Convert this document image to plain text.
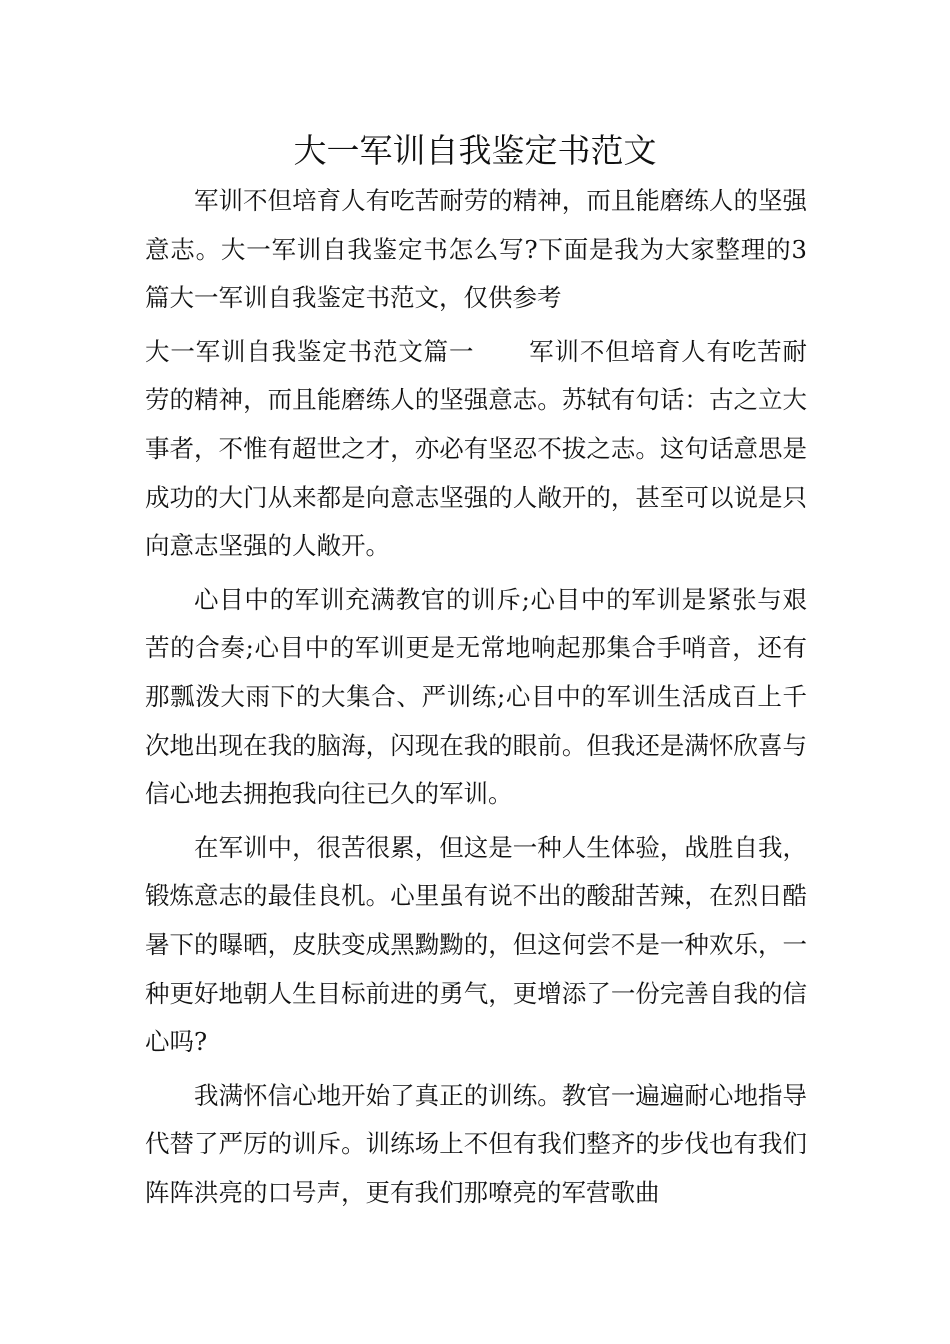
大一军训自我鉴定书范文

军训不但培育人有吃苦耐劳的精神，而且能磨练人的坚强意志。大一军训自我鉴定书怎么写?下面是我为大家整理的3篇大一军训自我鉴定书范文，仅供参考

大一军训自我鉴定书范文篇一 军训不但培育人有吃苦耐劳的精神，而且能磨练人的坚强意志。苏轼有句话：古之立大事者，不惟有超世之才，亦必有坚忍不拔之志。这句话意思是成功的大门从来都是向意志坚强的人敞开的，甚至可以说是只向意志坚强的人敞开。

心目中的军训充满教官的训斥;心目中的军训是紧张与艰苦的合奏;心目中的军训更是无常地响起那集合手哨音，还有那瓢泼大雨下的大集合、严训练;心目中的军训生活成百上千次地出现在我的脑海，闪现在我的眼前。但我还是满怀欣喜与信心地去拥抱我向往已久的军训。

在军训中，很苦很累，但这是一种人生体验，战胜自我，锻炼意志的最佳良机。心里虽有说不出的酸甜苦辣，在烈日酷暑下的曝晒，皮肤变成黑黝黝的，但这何尝不是一种欢乐，一种更好地朝人生目标前进的勇气，更增添了一份完善自我的信心吗?

我满怀信心地开始了真正的训练。教官一遍遍耐心地指导代替了严厉的训斥。训练场上不但有我们整齐的步伐也有我们阵阵洪亮的口号声，更有我们那嘹亮的军营歌曲
